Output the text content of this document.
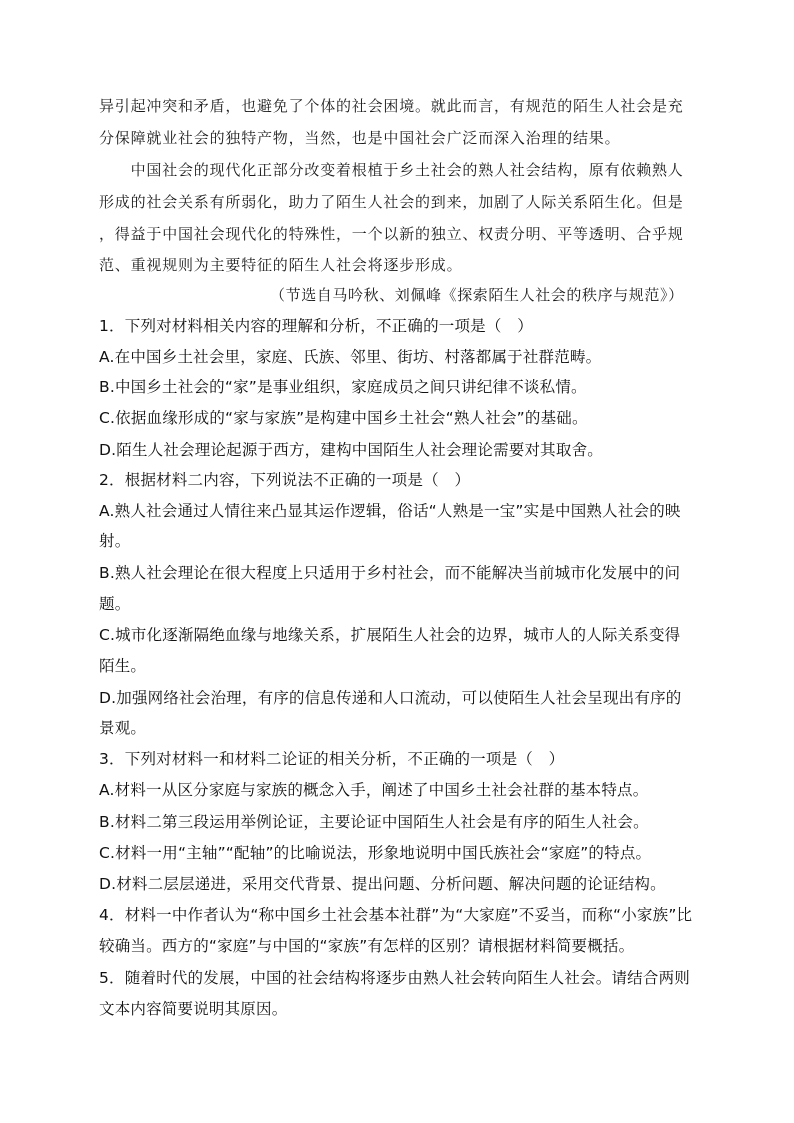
异引起冲突和矛盾，也避免了个体的社会困境。就此而言，有规范的陌生人社会是充
分保障就业社会的独特产物，当然，也是中国社会广泛而深入治理的结果。
　　中国社会的现代化正部分改变着根植于乡土社会的熟人社会结构，原有依赖熟人
形成的社会关系有所弱化，助力了陌生人社会的到来，加剧了人际关系陌生化。但是
，得益于中国社会现代化的特殊性，一个以新的独立、权责分明、平等透明、合乎规
范、重视规则为主要特征的陌生人社会将逐步形成。
（节选自马吟秋、刘佩峰《探索陌生人社会的秩序与规范》）
1．下列对材料相关内容的理解和分析，不正确的一项是（　）
A.在中国乡土社会里，家庭、氏族、邻里、街坊、村落都属于社群范畴。
B.中国乡土社会的“家”是事业组织，家庭成员之间只讲纪律不谈私情。
C.依据血缘形成的“家与家族”是构建中国乡土社会“熟人社会”的基础。
D.陌生人社会理论起源于西方，建构中国陌生人社会理论需要对其取舍。
2．根据材料二内容，下列说法不正确的一项是（　）
A.熟人社会通过人情往来凸显其运作逻辑，俗话“人熟是一宝”实是中国熟人社会的映
射。
B.熟人社会理论在很大程度上只适用于乡村社会，而不能解决当前城市化发展中的问
题。
C.城市化逐渐隔绝血缘与地缘关系，扩展陌生人社会的边界，城市人的人际关系变得
陌生。
D.加强网络社会治理，有序的信息传递和人口流动，可以使陌生人社会呈现出有序的
景观。
3．下列对材料一和材料二论证的相关分析，不正确的一项是（　）
A.材料一从区分家庭与家族的概念入手，阐述了中国乡土社会社群的基本特点。
B.材料二第三段运用举例论证，主要论证中国陌生人社会是有序的陌生人社会。
C.材料一用“主轴”“配轴”的比喻说法，形象地说明中国氏族社会“家庭”的特点。
D.材料二层层递进，采用交代背景、提出问题、分析问题、解决问题的论证结构。
4．材料一中作者认为“称中国乡土社会基本社群”为“大家庭”不妥当，而称“小家族”比
较确当。西方的“家庭”与中国的“家族”有怎样的区别？请根据材料简要概括。
5．随着时代的发展，中国的社会结构将逐步由熟人社会转向陌生人社会。请结合两则
文本内容简要说明其原因。
